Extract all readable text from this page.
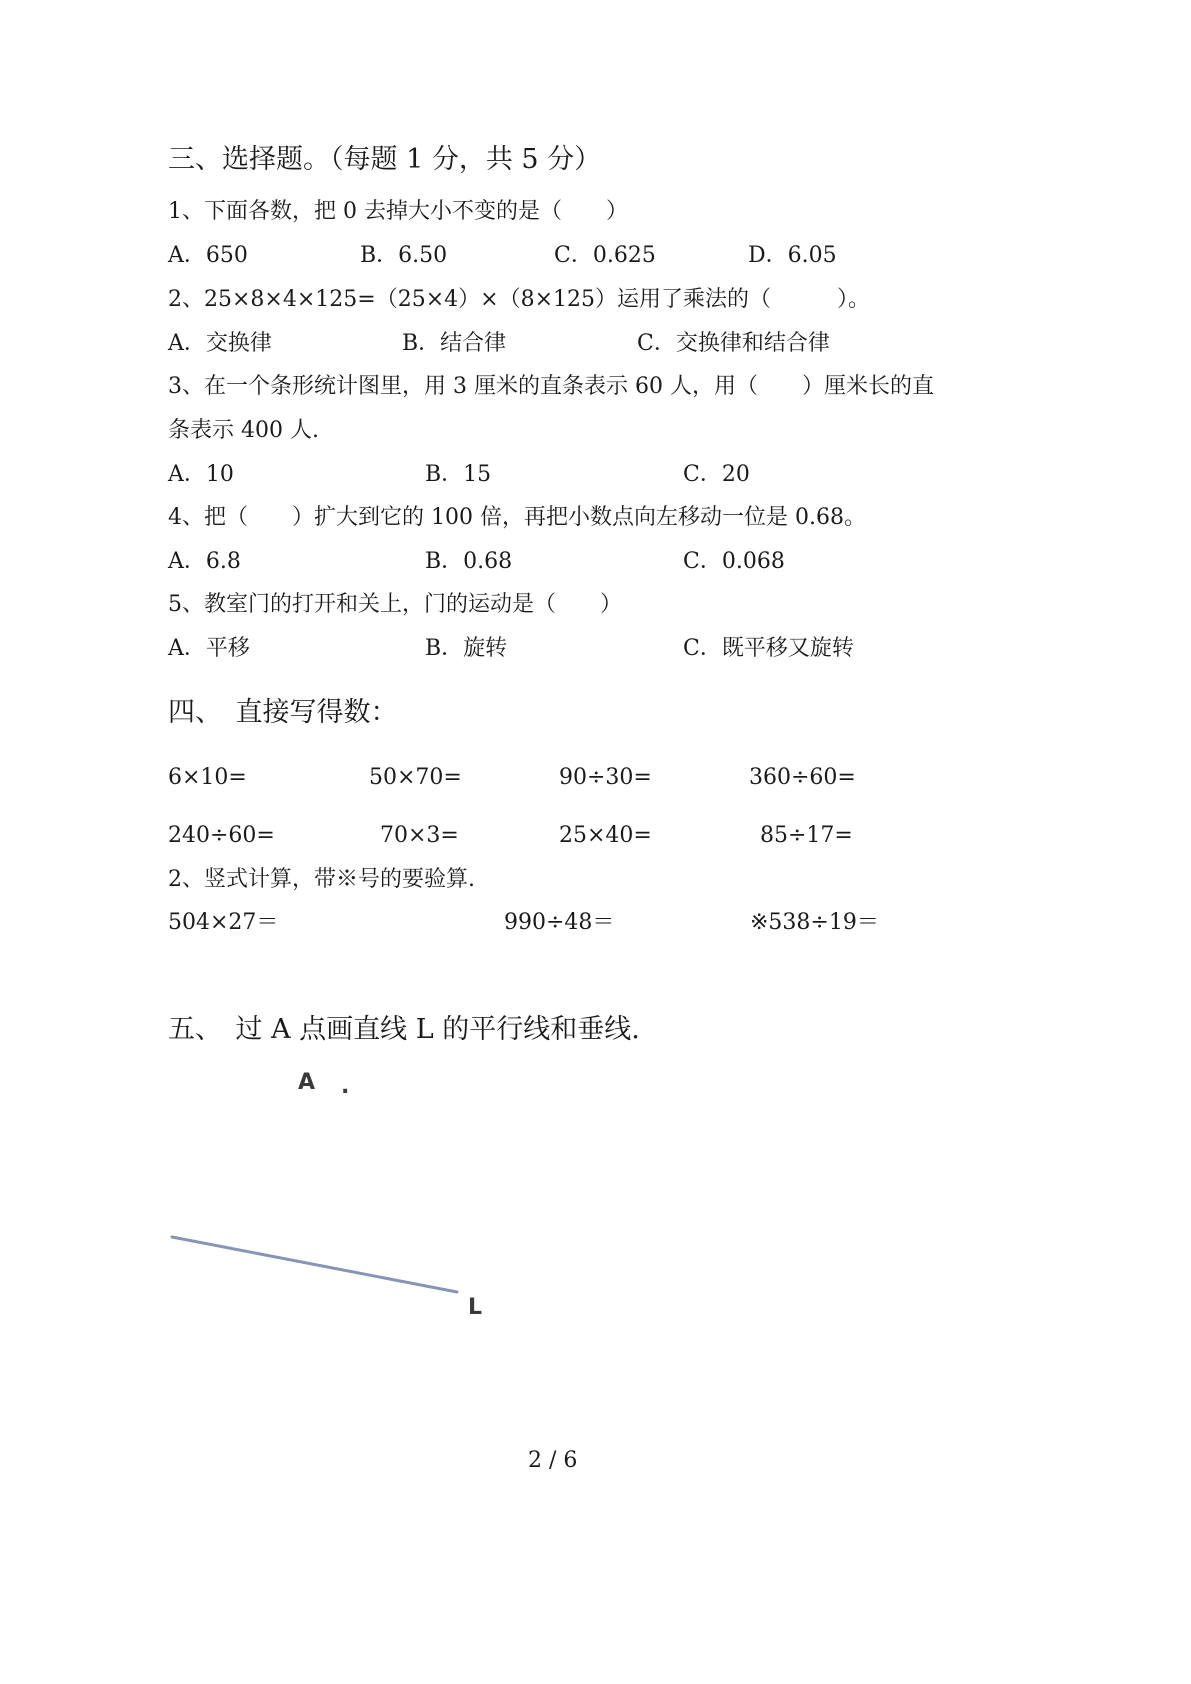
三、选择题。（每题 1 分，共 5 分）
1、下面各数，把 0 去掉大小不变的是（　　）
A．650	B．6.50	C．0.625	D．6.05
2、25×8×4×125=（25×4）×（8×125）运用了乘法的（　　　）。
A．交换律	B．结合律	C．交换律和结合律
3、在一个条形统计图里，用 3 厘米的直条表示 60 人，用（　　）厘米长的直
条表示 400 人.
A．10	B．15	C．20
4、把（　　）扩大到它的 100 倍，再把小数点向左移动一位是 0.68。
A．6.8	B．0.68	C．0.068
5、教室门的打开和关上，门的运动是（　　）
A．平移	B．旋转	C．既平移又旋转
四、　直接写得数：
6×10=	50×70=	90÷30=	360÷60=
240÷60=	70×3=	25×40=	85÷17=
2、竖式计算，带※号的要验算.
504×27＝	990÷48＝	※538÷19＝
五、　过 A 点画直线 L 的平行线和垂线.
A .
L
2 / 6
